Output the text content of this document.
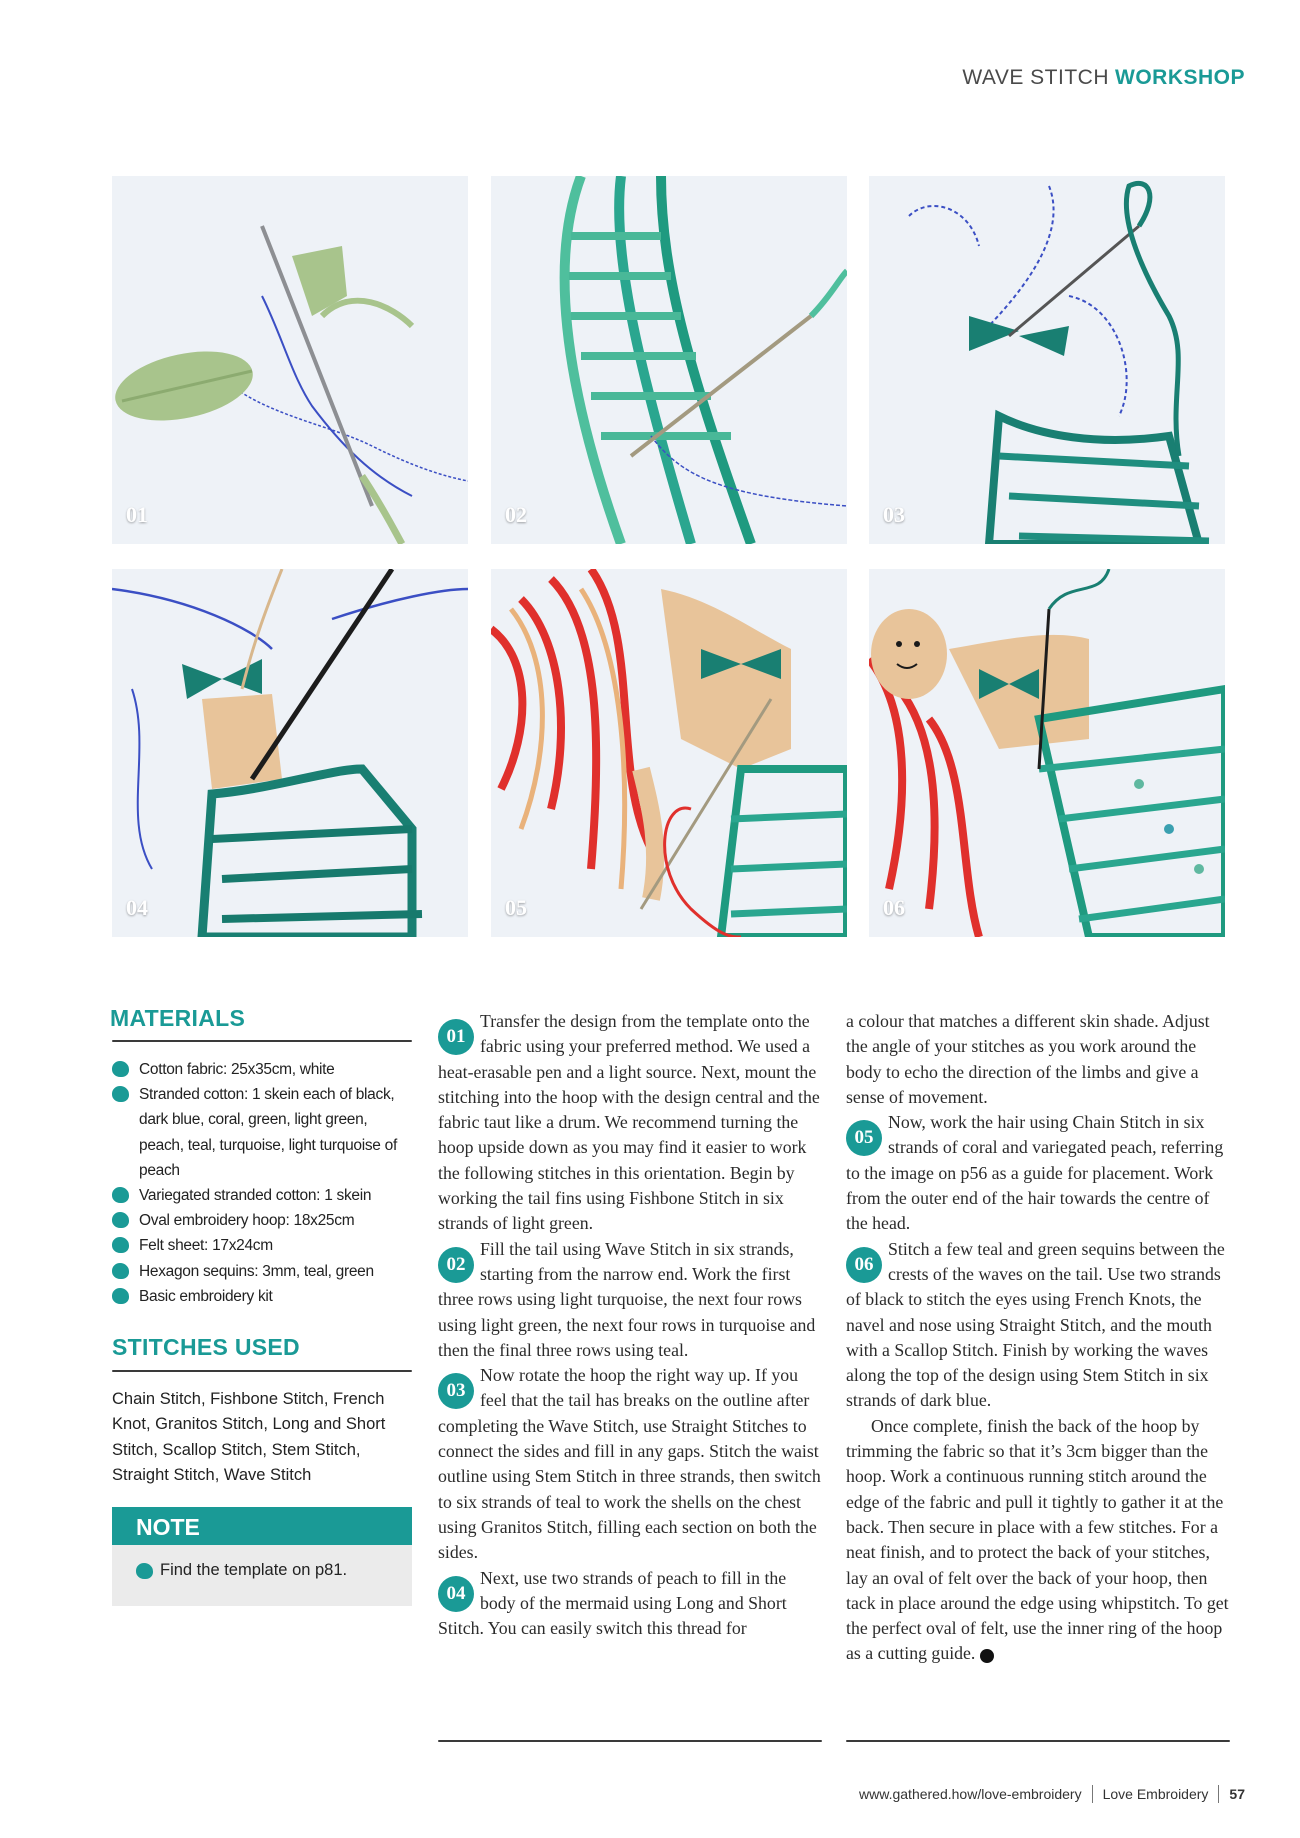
WAVE STITCH WORKSHOP
01	02	03
04	05	06
MATERIALS
Cotton fabric: 25x35cm, white
Stranded cotton: 1 skein each of black, dark blue, coral, green, light green, peach, teal, turquoise, light turquoise of peach
Variegated stranded cotton: 1 skein
Oval embroidery hoop: 18x25cm
Felt sheet: 17x24cm
Hexagon sequins: 3mm, teal, green
Basic embroidery kit
STITCHES USED
Chain Stitch, Fishbone Stitch, French Knot, Granitos Stitch, Long and Short Stitch, Scallop Stitch, Stem Stitch, Straight Stitch, Wave Stitch
NOTE
Find the template on p81.
01
Transfer the design from the template onto the fabric using your preferred method. We used a heat-erasable pen and a light source. Next, mount the stitching into the hoop with the design central and the fabric taut like a drum. We recommend turning the hoop upside down as you may find it easier to work the following stitches in this orientation. Begin by working the tail fins using Fishbone Stitch in six strands of light green.
02
Fill the tail using Wave Stitch in six strands, starting from the narrow end. Work the first three rows using light turquoise, the next four rows using light green, the next four rows in turquoise and then the final three rows using teal.
03
Now rotate the hoop the right way up. If you feel that the tail has breaks on the outline after completing the Wave Stitch, use Straight Stitches to connect the sides and fill in any gaps. Stitch the waist outline using Stem Stitch in three strands, then switch to six strands of teal to work the shells on the chest using Granitos Stitch, filling each section on both the sides.
04
Next, use two strands of peach to fill in the body of the mermaid using Long and Short Stitch. You can easily switch this thread for

a colour that matches a different skin shade. Adjust the angle of your stitches as you work around the body to echo the direction of the limbs and give a sense of movement.

05
Now, work the hair using Chain Stitch in six strands of coral and variegated peach, referring to the image on p56 as a guide for placement. Work from the outer end of the hair towards the centre of the head.
06
Stitch a few teal and green sequins between the crests of the waves on the tail. Use two strands of black to stitch the eyes using French Knots, the navel and nose using Straight Stitch, and the mouth with a Scallop Stitch. Finish by working the waves along the top of the design using Stem Stitch in six strands of dark blue.

Once complete, finish the back of the hoop by trimming the fabric so that it’s 3cm bigger than the hoop. Work a continuous running stitch around the edge of the fabric and pull it tightly to gather it at the back. Then secure in place with a few stitches. For a neat finish, and to protect the back of your stitches, lay an oval of felt over the back of your hoop, then tack in place around the edge using whipstitch. To get the perfect oval of felt, use the inner ring of the hoop as a cutting guide.	⚂

www.gathered.how/love-embroidery Love Embroidery 57
